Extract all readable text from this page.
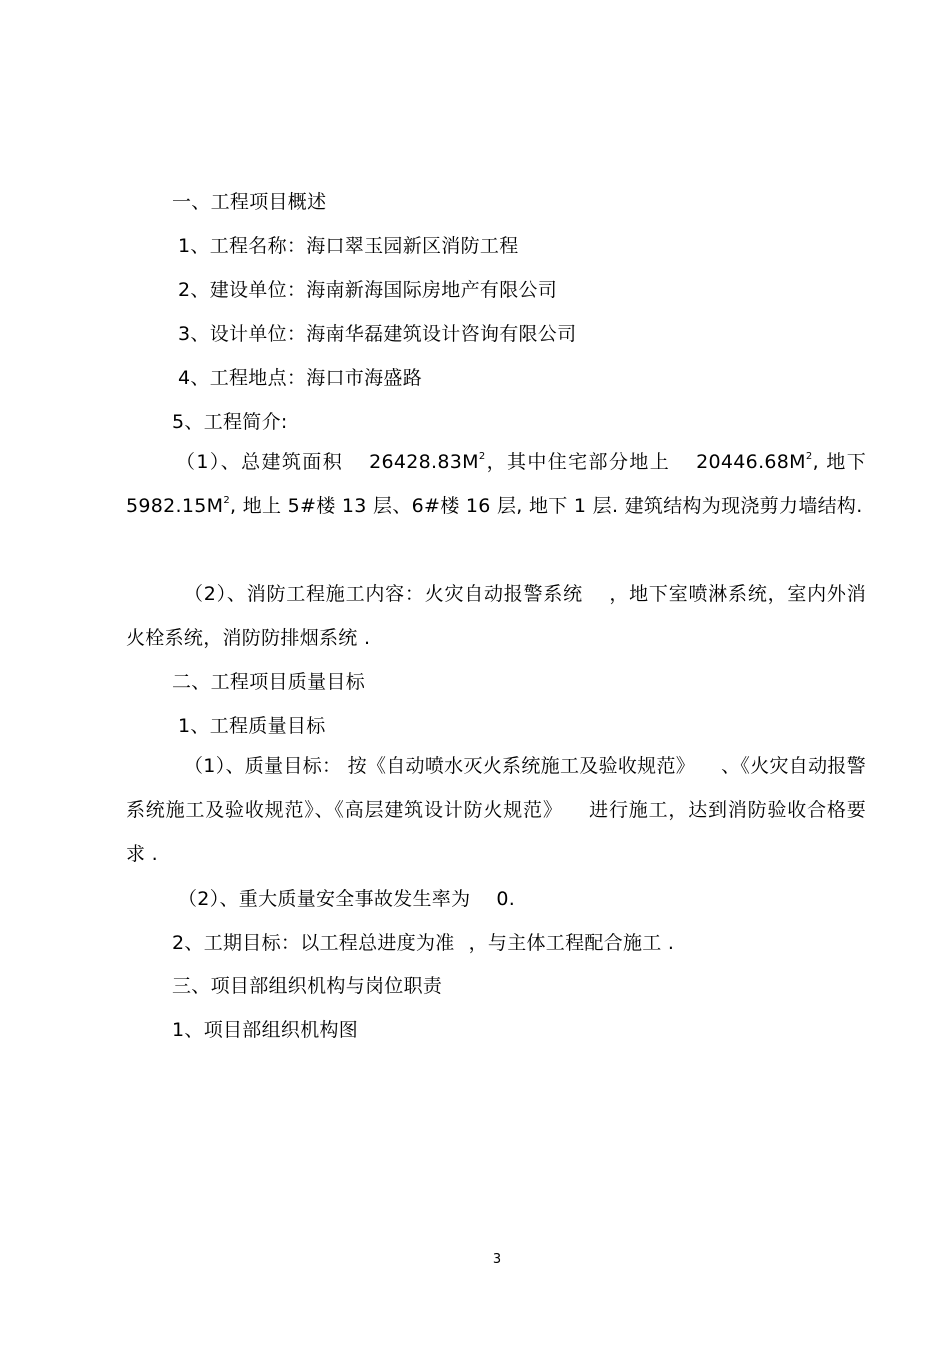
一、工程项目概述
1、工程名称：海口翠玉园新区消防工程
2、建设单位：海南新海国际房地产有限公司
3、设计单位：海南华磊建筑设计咨询有限公司
4、工程地点：海口市海盛路
5、工程简介:
（1）、总建筑面积 $26428.83M^2$，其中住宅部分地上 $20446.68M^2$, 地下$5982.15M^2$, 地上 5#楼 13 层、6#楼 16 层, 地下 1 层. 建筑结构为现浇剪力墙结构.
（2）、消防工程施工内容：火灾自动报警系统 ，地下室喷淋系统，室内外消火栓系统，消防防排烟系统 .
二、工程项目质量目标
1、工程质量目标
（1）、质量目标： 按《自动喷水灭火系统施工及验收规范》 、《火灾自动报警系统施工及验收规范》、《高层建筑设计防火规范》 进行施工，达到消防验收合格要求 .
（2）、重大质量安全事故发生率为 0.
2、工期目标：以工程总进度为准 ，与主体工程配合施工 .
三、项目部组织机构与岗位职责
1、项目部组织机构图
3
